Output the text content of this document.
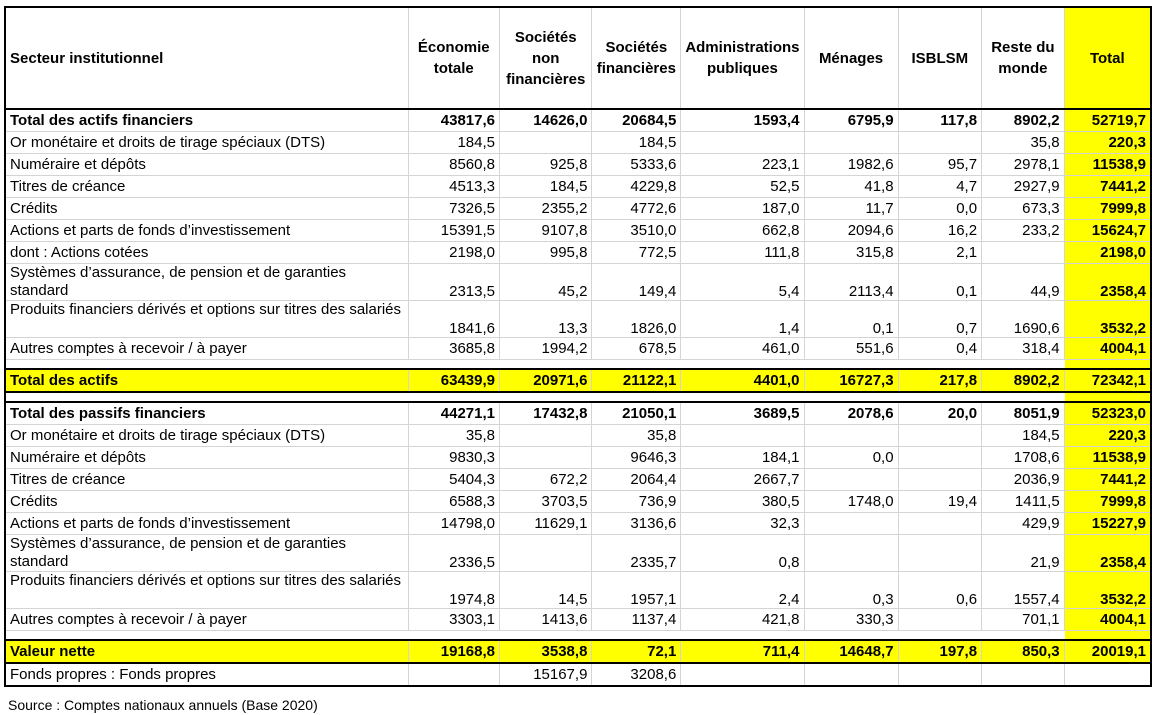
Secteur institutionnel	Économie totale	Sociétés non financières	Sociétés financières	Administrations publiques	Ménages	ISBLSM	Reste du monde	Total
Total des actifs financiers	43817,6	14626,0	20684,5	1593,4	6795,9	117,8	8902,2	52719,7
Or monétaire et droits de tirage spéciaux (DTS)	184,5		184,5				35,8	220,3
Numéraire et dépôts	8560,8	925,8	5333,6	223,1	1982,6	95,7	2978,1	11538,9
Titres de créance	4513,3	184,5	4229,8	52,5	41,8	4,7	2927,9	7441,2
Crédits	7326,5	2355,2	4772,6	187,0	11,7	0,0	673,3	7999,8
Actions et parts de fonds d’investissement	15391,5	9107,8	3510,0	662,8	2094,6	16,2	233,2	15624,7
dont : Actions cotées	2198,0	995,8	772,5	111,8	315,8	2,1		2198,0
Systèmes d’assurance, de pension et de garanties standard	2313,5	45,2	149,4	5,4	2113,4	0,1	44,9	2358,4
Produits financiers dérivés et options sur titres des salariés	1841,6	13,3	1826,0	1,4	0,1	0,7	1690,6	3532,2
Autres comptes à recevoir / à payer	3685,8	1994,2	678,5	461,0	551,6	0,4	318,4	4004,1

Total des actifs	63439,9	20971,6	21122,1	4401,0	16727,3	217,8	8902,2	72342,1

Total des passifs financiers	44271,1	17432,8	21050,1	3689,5	2078,6	20,0	8051,9	52323,0
Or monétaire et droits de tirage spéciaux (DTS)	35,8		35,8				184,5	220,3
Numéraire et dépôts	9830,3		9646,3	184,1	0,0		1708,6	11538,9
Titres de créance	5404,3	672,2	2064,4	2667,7			2036,9	7441,2
Crédits	6588,3	3703,5	736,9	380,5	1748,0	19,4	1411,5	7999,8
Actions et parts de fonds d’investissement	14798,0	11629,1	3136,6	32,3			429,9	15227,9
Systèmes d’assurance, de pension et de garanties standard	2336,5		2335,7	0,8			21,9	2358,4
Produits financiers dérivés et options sur titres des salariés	1974,8	14,5	1957,1	2,4	0,3	0,6	1557,4	3532,2
Autres comptes à recevoir / à payer	3303,1	1413,6	1137,4	421,8	330,3		701,1	4004,1

Valeur nette	19168,8	3538,8	72,1	711,4	14648,7	197,8	850,3	20019,1
Fonds propres : Fonds propres		15167,9	3208,6					
Source : Comptes nationaux annuels (Base 2020)
